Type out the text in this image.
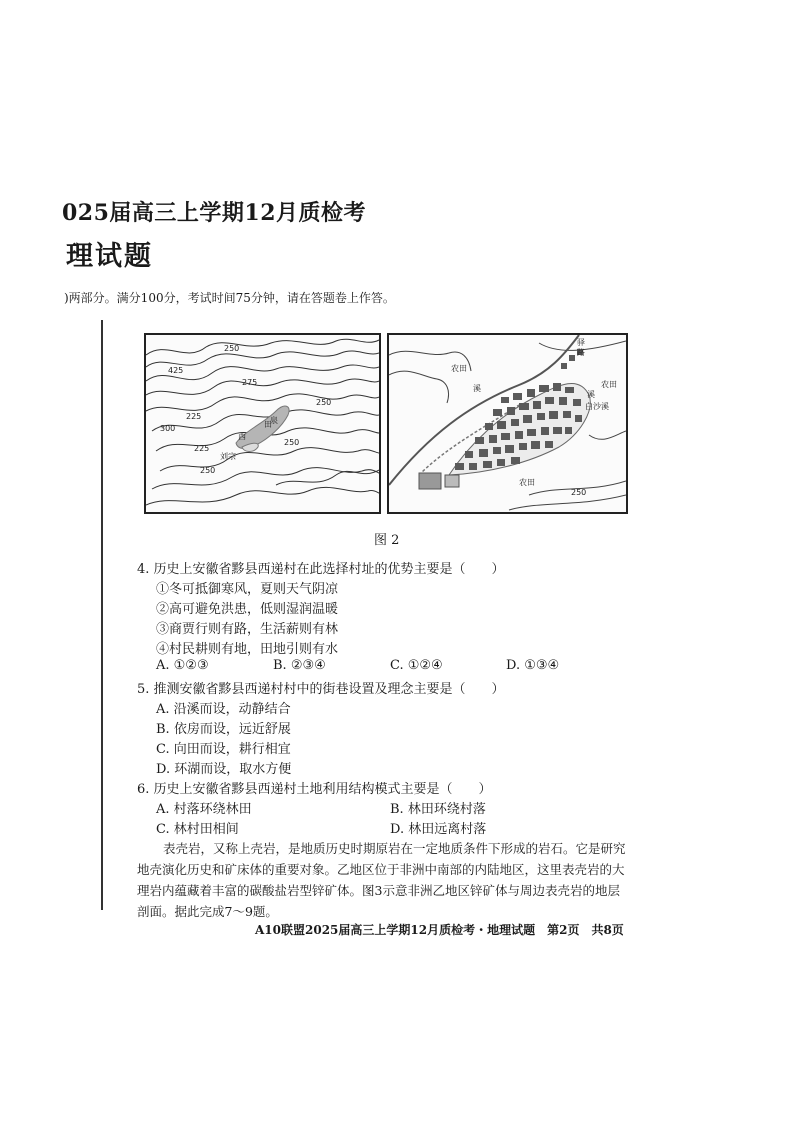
025届高三上学期12月质检考
理试题
)两部分。满分100分，考试时间75分钟，请在答题卷上作答。
425
250
275
300
225
250
250
225
250
泉
西
田
刘宗
农田
驿
路
农田
溪
溪
白沙溪
农田
250
图 2
4. 历史上安徽省黟县西递村在此选择村址的优势主要是（　　）
①冬可抵御寒风，夏则天气阴凉
②高可避免洪患，低则湿润温暖
③商贾行则有路，生活薪则有林
④村民耕则有地，田地引则有水
A. ①②③	B. ②③④	C. ①②④	D. ①③④
5. 推测安徽省黟县西递村村中的街巷设置及理念主要是（　　）
A. 沿溪而设，动静结合
B. 依房而设，远近舒展
C. 向田而设，耕行相宜
D. 环湖而设，取水方便
6. 历史上安徽省黟县西递村土地利用结构模式主要是（　　）
A. 村落环绕林田	B. 林田环绕村落
C. 林村田相间	D. 林田远离村落
表壳岩，又称上壳岩，是地质历史时期原岩在一定地质条件下形成的岩石。它是研究地壳演化历史和矿床体的重要对象。乙地区位于非洲中南部的内陆地区，这里表壳岩的大理岩内蕴藏着丰富的碳酸盐岩型锌矿体。图3示意非洲乙地区锌矿体与周边表壳岩的地层剖面。据此完成7～9题。
A10联盟2025届高三上学期12月质检考・地理试题　第2页　共8页
